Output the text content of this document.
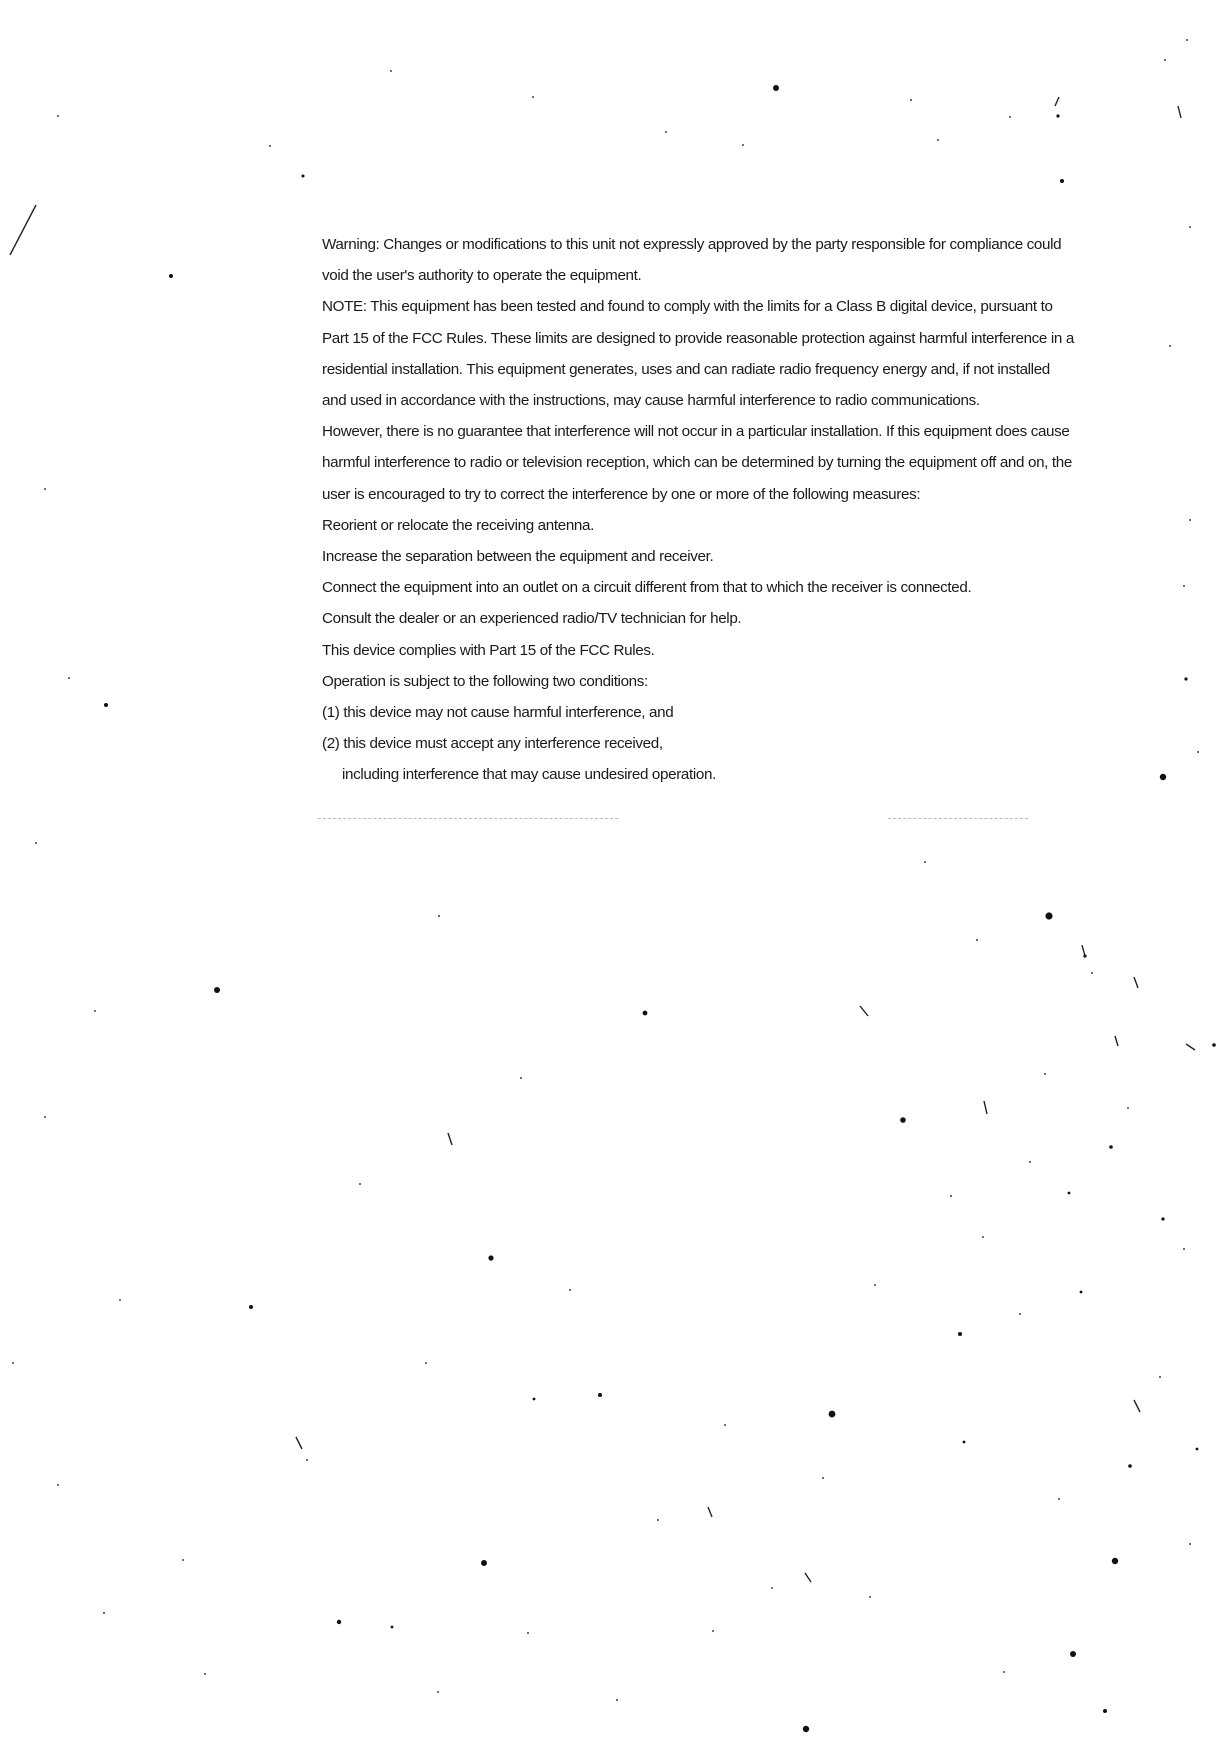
Warning: Changes or modifications to this unit not expressly approved by the party responsible for compliance could

void the user's authority to operate the equipment.

NOTE: This equipment has been tested and found to comply with the limits for a Class B digital device, pursuant to

Part 15 of the FCC Rules. These limits are designed to provide reasonable protection against harmful interference in a

residential installation. This equipment generates, uses and can radiate radio frequency energy and, if not installed

and used in accordance with the instructions, may cause harmful interference to radio communications.

However, there is no guarantee that interference will not occur in a particular installation. If this equipment does cause

harmful interference to radio or television reception, which can be determined by turning the equipment off and on, the

user is encouraged to try to correct the interference by one or more of the following measures:

Reorient or relocate the receiving antenna.

Increase the separation between the equipment and receiver.

Connect the equipment into an outlet on a circuit different from that to which the receiver is connected.

Consult the dealer or an experienced radio/TV technician for help.

This device complies with Part 15 of the FCC Rules.

Operation is subject to the following two conditions:

(1) this device may not cause harmful interference, and

(2) this device must accept any interference received,

including interference that may cause undesired operation.
